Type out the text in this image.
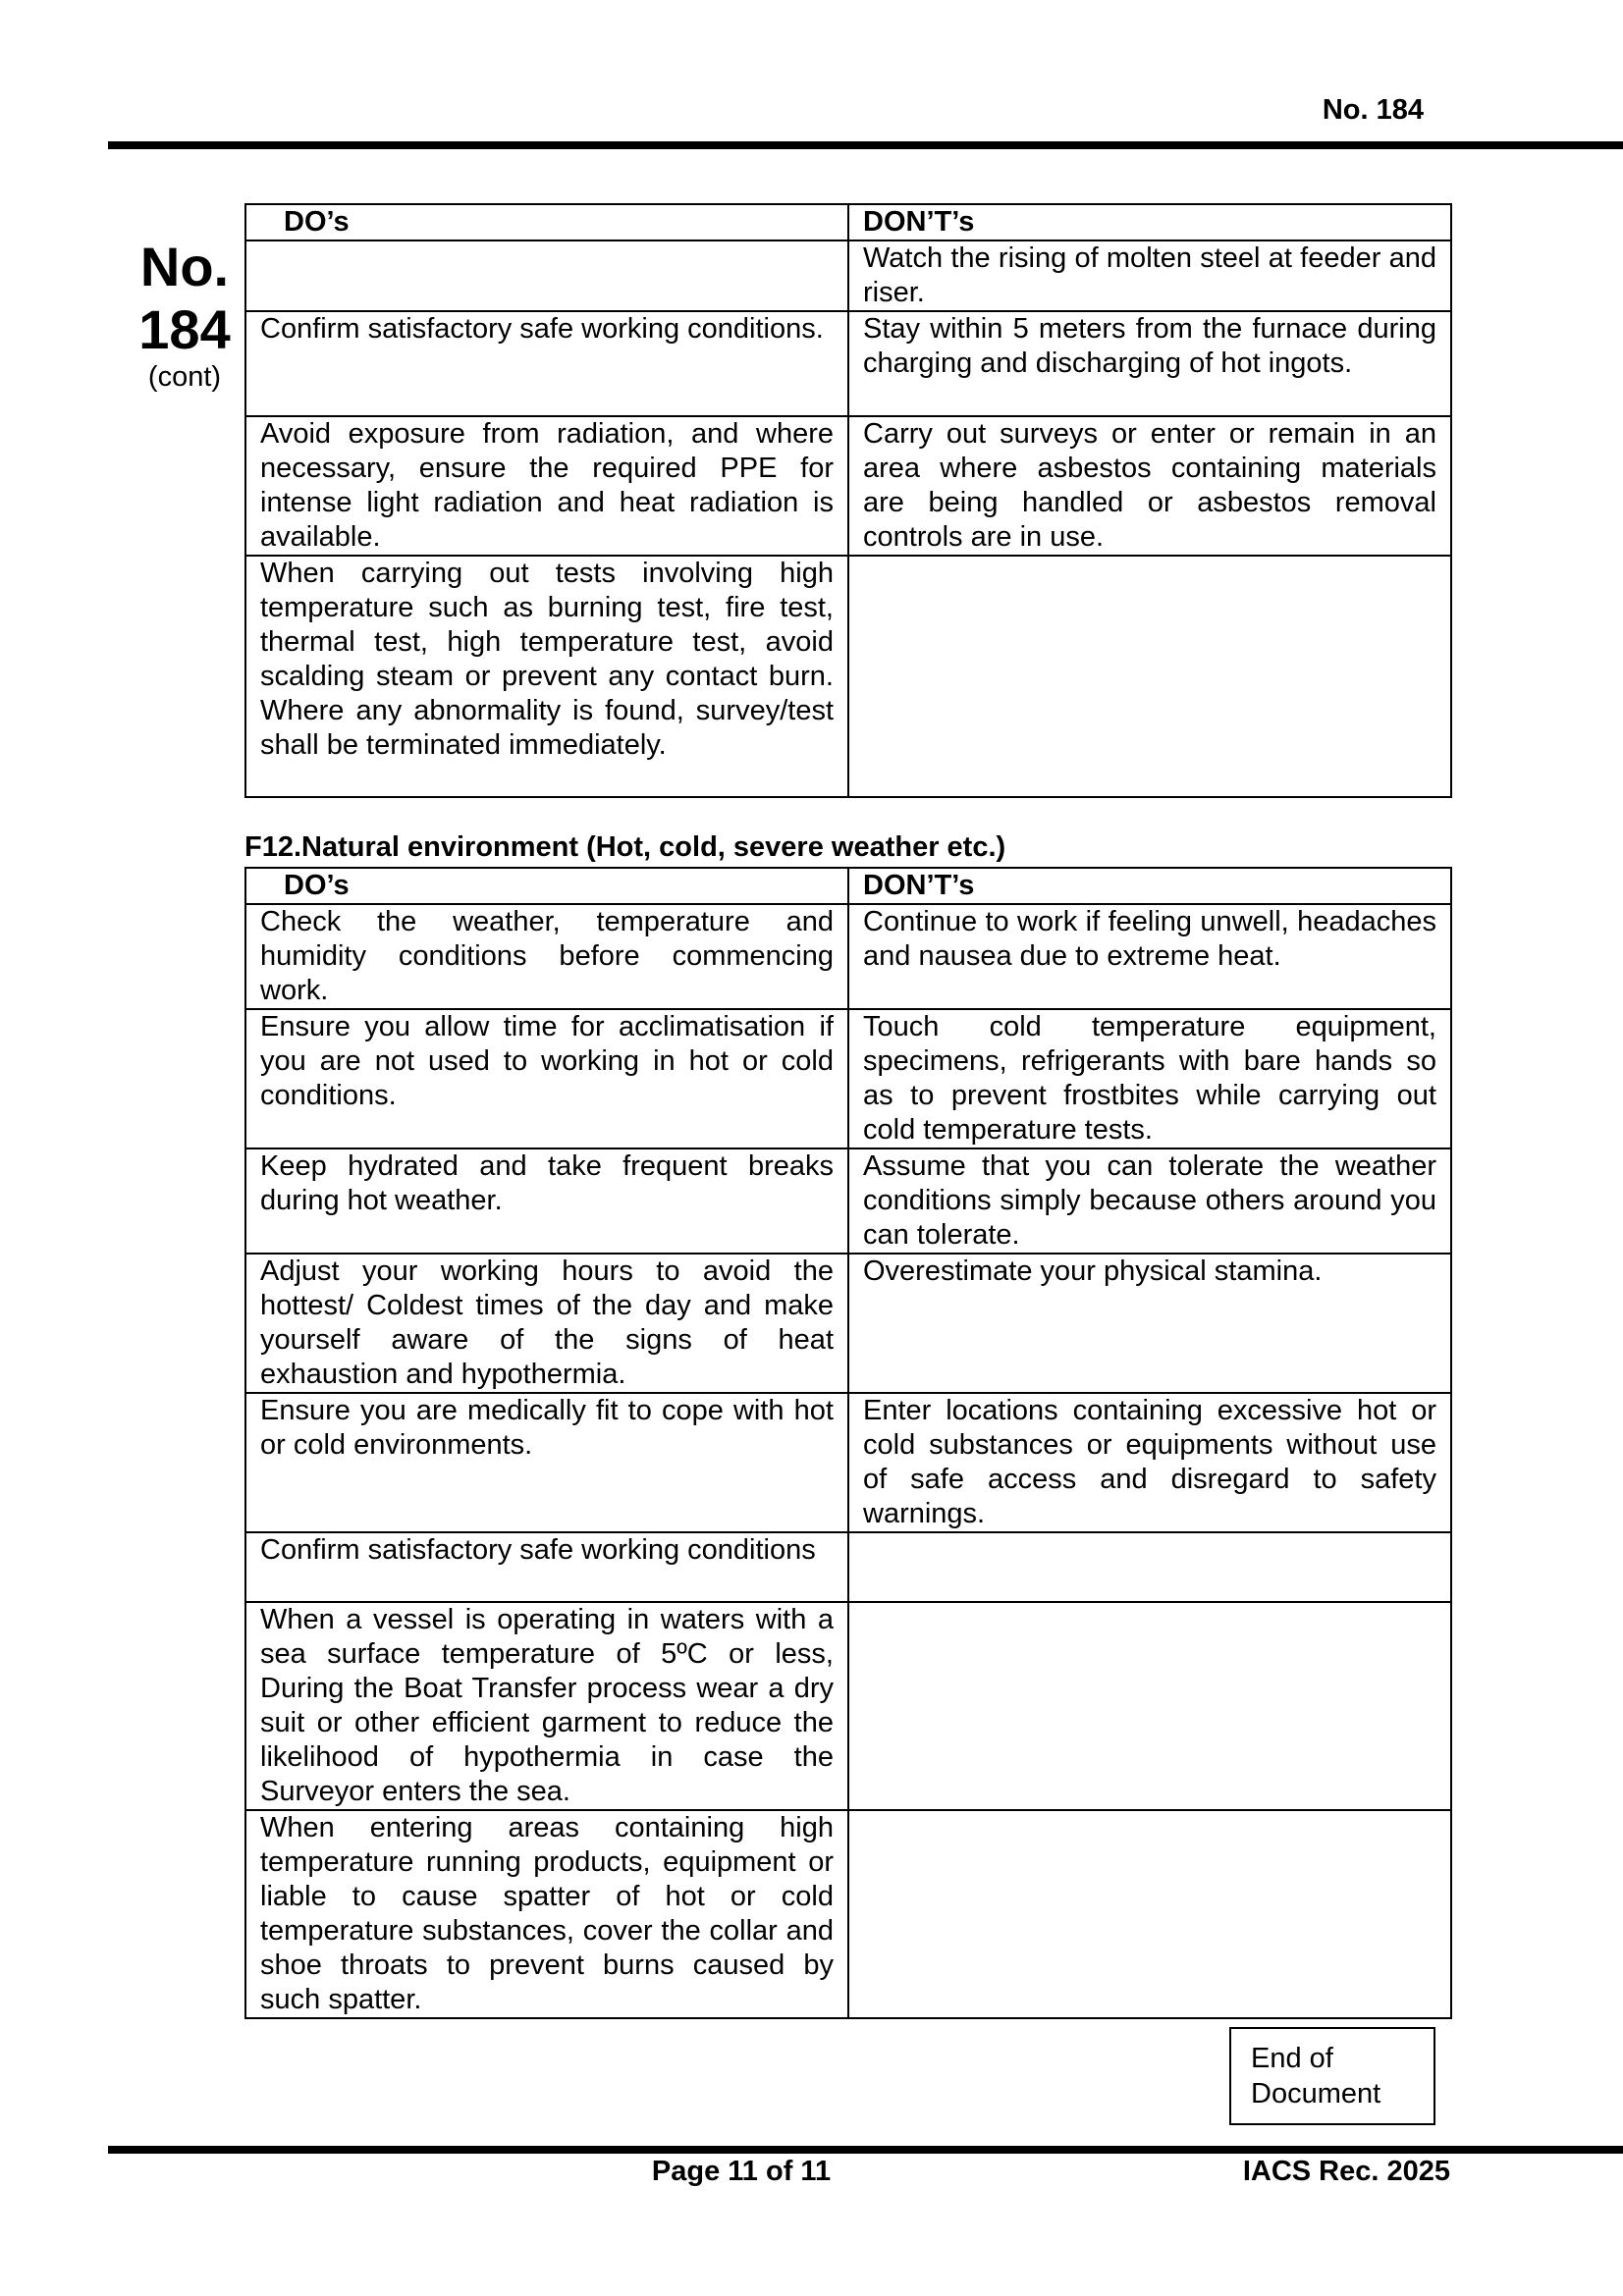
No. 184
No.
184
(cont)
DO’s	DON’T’s
	Watch the rising of molten steel at feeder and riser.
Confirm satisfactory safe working conditions.	Stay within 5 meters from the furnace during charging and discharging of hot ingots.
Avoid exposure from radiation, and where necessary, ensure the required PPE for intense light radiation and heat radiation is available.	Carry out surveys or enter or remain in an area where asbestos containing materials are being handled or asbestos removal controls are in use.
When carrying out tests involving high temperature such as burning test, fire test, thermal test, high temperature test, avoid scalding steam or prevent any contact burn. Where any abnormality is found, survey/test shall be terminated immediately.	
F12.Natural environment (Hot, cold, severe weather etc.)
DO’s	DON’T’s
Check the weather, temperature and humidity conditions before commencing work.	Continue to work if feeling unwell, headaches and nausea due to extreme heat.
Ensure you allow time for acclimatisation if you are not used to working in hot or cold conditions.	Touch cold temperature equipment, specimens, refrigerants with bare hands so as to prevent frostbites while carrying out cold temperature tests.
Keep hydrated and take frequent breaks during hot weather.	Assume that you can tolerate the weather conditions simply because others around you can tolerate.
Adjust your working hours to avoid the hottest/ Coldest times of the day and make yourself aware of the signs of heat exhaustion and hypothermia.	Overestimate your physical stamina.
Ensure you are medically fit to cope with hot or cold environments.	Enter locations containing excessive hot or cold substances or equipments without use of safe access and disregard to safety warnings.
Confirm satisfactory safe working conditions	
When a vessel is operating in waters with a sea surface temperature of 5ºC or less, During the Boat Transfer process wear a dry suit or other efficient garment to reduce the likelihood of hypothermia in case the Surveyor enters the sea.	
When entering areas containing high temperature running products, equipment or liable to cause spatter of hot or cold temperature substances, cover the collar and shoe throats to prevent burns caused by such spatter.	
End of
Document
Page 11 of 11	IACS Rec. 2025
